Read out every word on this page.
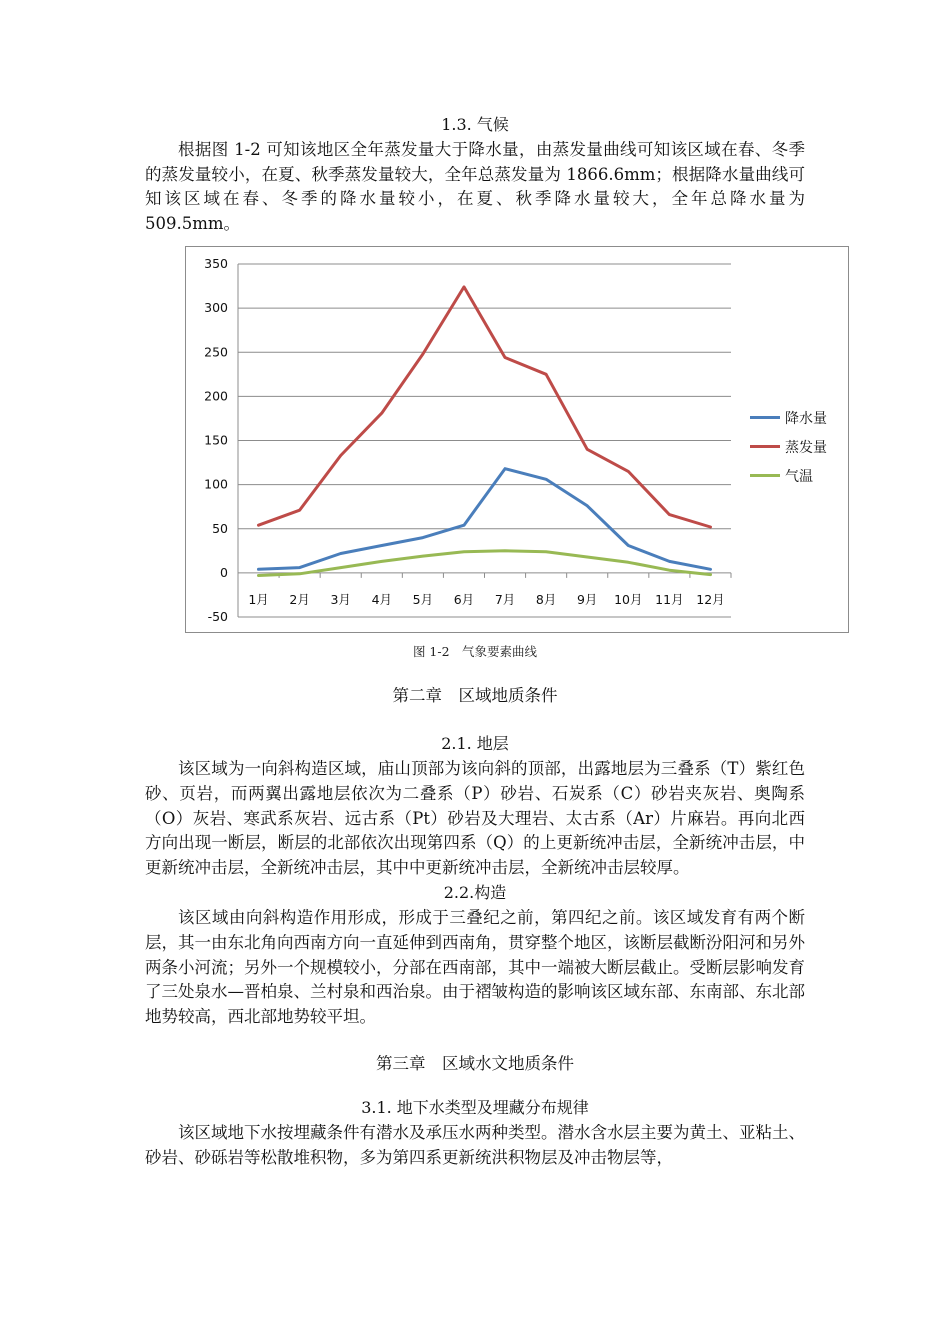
1.3. 气候

根据图 1-2 可知该地区全年蒸发量大于降水量，由蒸发量曲线可知该区域在春、冬季的蒸发量较小，在夏、秋季蒸发量较大，全年总蒸发量为 1866.6mm；根据降水量曲线可知该区域在春、冬季的降水量较小，在夏、秋季降水量较大，全年总降水量为 509.5mm。

350
300
250
200
150
100
50
0
-50
1月 2月 3月 4月 5月 6月 7月 8月 9月 10月 11月 12月
降水量
蒸发量
气温

图 1-2　气象要素曲线

第二章　区域地质条件

2.1. 地层

该区域为一向斜构造区域，庙山顶部为该向斜的顶部，出露地层为三叠系（T）紫红色砂、页岩，而两翼出露地层依次为二叠系（P）砂岩、石炭系（C）砂岩夹灰岩、奥陶系（O）灰岩、寒武系灰岩、远古系（Pt）砂岩及大理岩、太古系（Ar）片麻岩。再向北西方向出现一断层，断层的北部依次出现第四系（Q）的上更新统冲击层，全新统冲击层，中更新统冲击层，全新统冲击层，其中中更新统冲击层，全新统冲击层较厚。

2.2.构造

该区域由向斜构造作用形成，形成于三叠纪之前，第四纪之前。该区域发育有两个断层，其一由东北角向西南方向一直延伸到西南角，贯穿整个地区，该断层截断汾阳河和另外两条小河流；另外一个规模较小，分部在西南部，其中一端被大断层截止。受断层影响发育了三处泉水—晋柏泉、兰村泉和西治泉。由于褶皱构造的影响该区域东部、东南部、东北部地势较高，西北部地势较平坦。

第三章　区域水文地质条件

3.1. 地下水类型及埋藏分布规律

该区域地下水按埋藏条件有潜水及承压水两种类型。潜水含水层主要为黄土、亚粘土、砂岩、砂砾岩等松散堆积物，多为第四系更新统洪积物层及冲击物层等，
